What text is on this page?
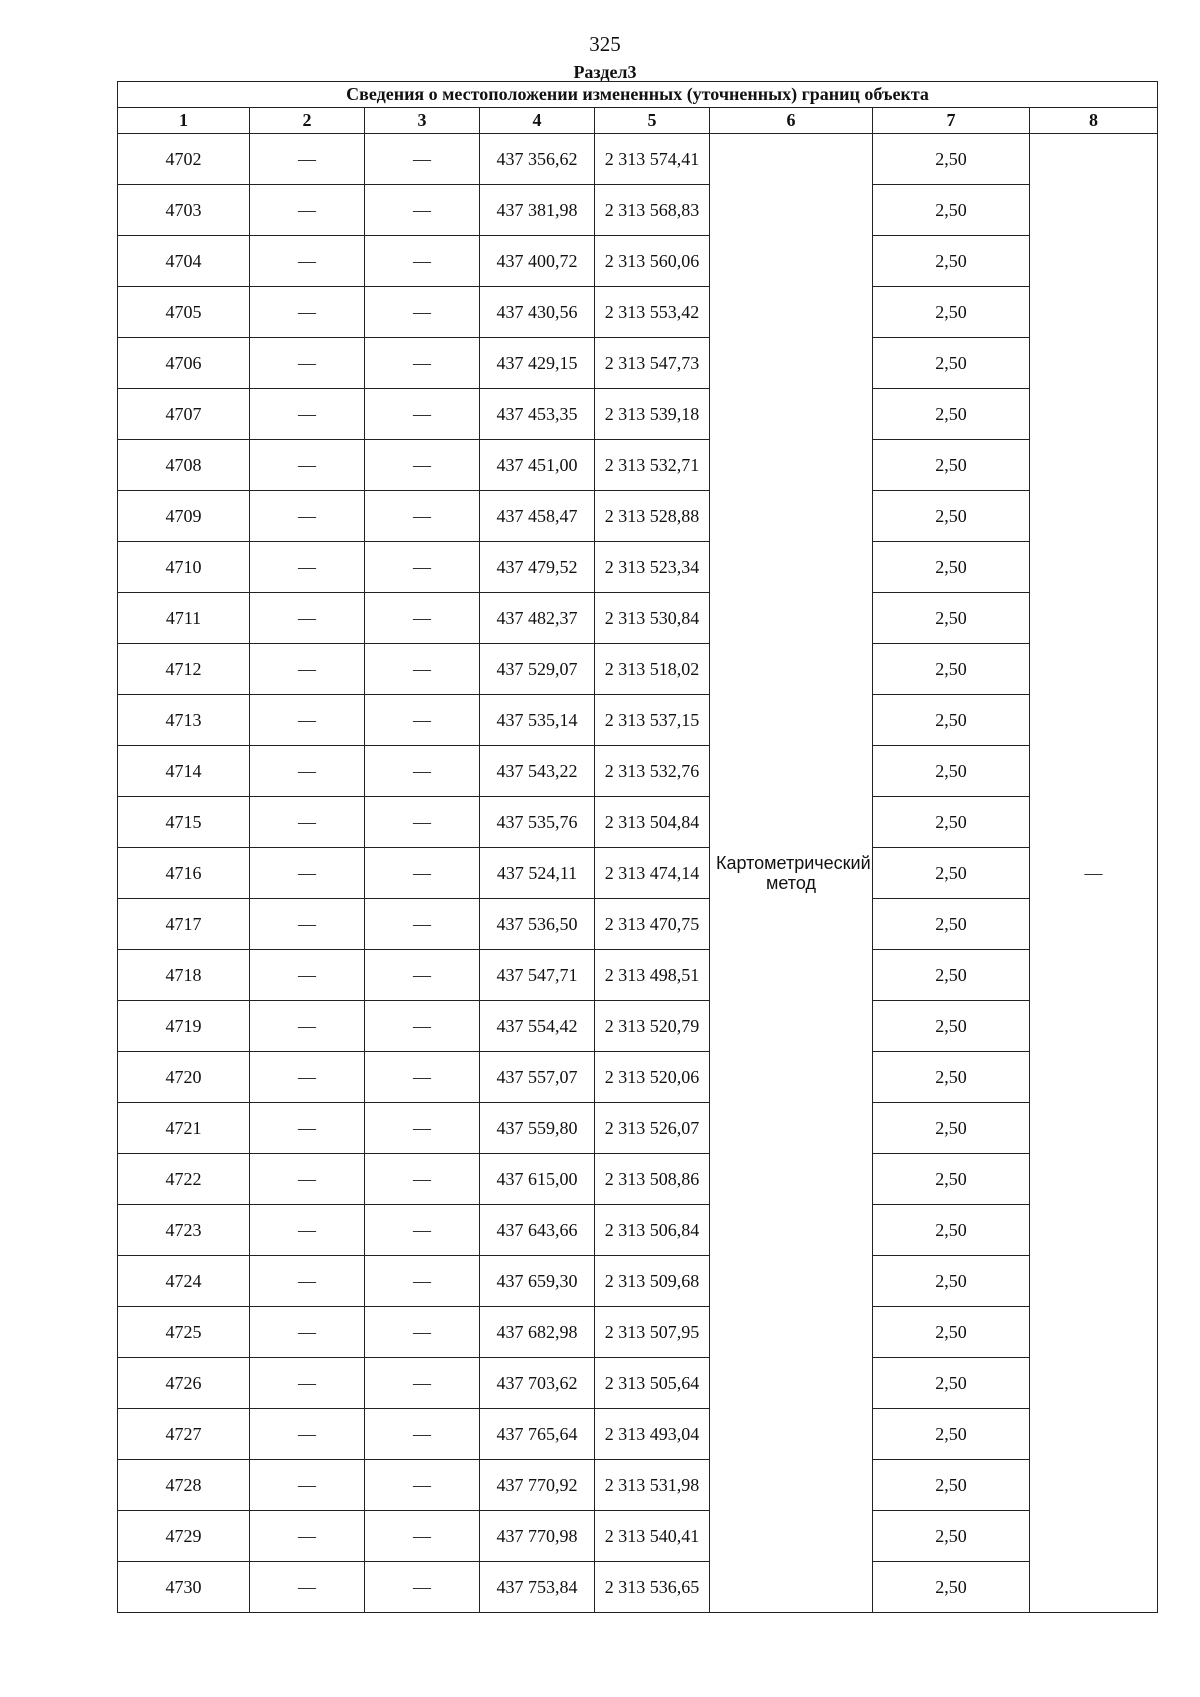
325
Раздел3
Сведения о местоположении измененных (уточненных) границ объекта							
1	2	3	4	5	6	7	8
4702	—	—	437 356,62	2 313 574,41	Картометрический метод	2,50	—
4703	—	—	437 381,98	2 313 568,83		2,50	
4704	—	—	437 400,72	2 313 560,06		2,50	
4705	—	—	437 430,56	2 313 553,42		2,50	
4706	—	—	437 429,15	2 313 547,73		2,50	
4707	—	—	437 453,35	2 313 539,18		2,50	
4708	—	—	437 451,00	2 313 532,71		2,50	
4709	—	—	437 458,47	2 313 528,88		2,50	
4710	—	—	437 479,52	2 313 523,34		2,50	
4711	—	—	437 482,37	2 313 530,84		2,50	
4712	—	—	437 529,07	2 313 518,02		2,50	
4713	—	—	437 535,14	2 313 537,15		2,50	
4714	—	—	437 543,22	2 313 532,76		2,50	
4715	—	—	437 535,76	2 313 504,84		2,50	
4716	—	—	437 524,11	2 313 474,14		2,50	
4717	—	—	437 536,50	2 313 470,75		2,50	
4718	—	—	437 547,71	2 313 498,51		2,50	
4719	—	—	437 554,42	2 313 520,79		2,50	
4720	—	—	437 557,07	2 313 520,06		2,50	
4721	—	—	437 559,80	2 313 526,07		2,50	
4722	—	—	437 615,00	2 313 508,86		2,50	
4723	—	—	437 643,66	2 313 506,84		2,50	
4724	—	—	437 659,30	2 313 509,68		2,50	
4725	—	—	437 682,98	2 313 507,95		2,50	
4726	—	—	437 703,62	2 313 505,64		2,50	
4727	—	—	437 765,64	2 313 493,04		2,50	
4728	—	—	437 770,92	2 313 531,98		2,50	
4729	—	—	437 770,98	2 313 540,41		2,50	
4730	—	—	437 753,84	2 313 536,65		2,50	
